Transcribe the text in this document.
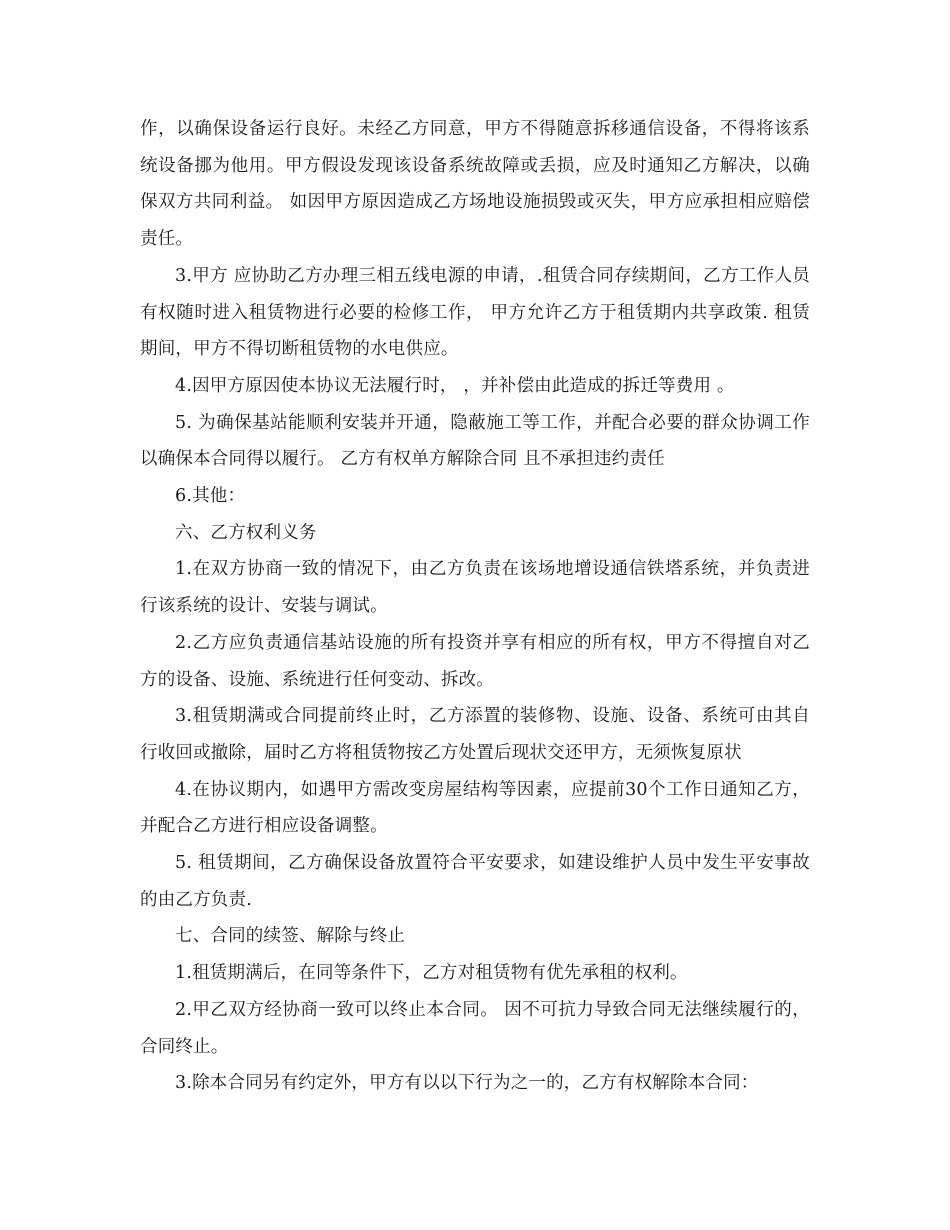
作，以确保设备运行良好。未经乙方同意，甲方不得随意拆移通信设备，不得将该系统设备挪为他用。甲方假设发现该设备系统故障或丢损，应及时通知乙方解决，以确保双方共同利益。 如因甲方原因造成乙方场地设施损毁或灭失，甲方应承担相应赔偿责任。

3.甲方 应协助乙方办理三相五线电源的申请，.租赁合同存续期间，乙方工作人员有权随时进入租赁物进行必要的检修工作， 甲方允许乙方于租赁期内共享政策. 租赁期间，甲方不得切断租赁物的水电供应。

4.因甲方原因使本协议无法履行时， ，并补偿由此造成的拆迁等费用 。

5. 为确保基站能顺利安装并开通，隐蔽施工等工作，并配合必要的群众协调工作以确保本合同得以履行。 乙方有权单方解除合同 且不承担违约责任

6.其他：

六、乙方权利义务

1.在双方协商一致的情况下，由乙方负责在该场地增设通信铁塔系统，并负责进行该系统的设计、安装与调试。

2.乙方应负责通信基站设施的所有投资并享有相应的所有权，甲方不得擅自对乙方的设备、设施、系统进行任何变动、拆改。

3.租赁期满或合同提前终止时，乙方添置的装修物、设施、设备、系统可由其自行收回或撤除，届时乙方将租赁物按乙方处置后现状交还甲方，无须恢复原状

4.在协议期内，如遇甲方需改变房屋结构等因素，应提前30个工作日通知乙方，并配合乙方进行相应设备调整。

5. 租赁期间，乙方确保设备放置符合平安要求，如建设维护人员中发生平安事故的由乙方负责.

七、合同的续签、解除与终止

1.租赁期满后，在同等条件下，乙方对租赁物有优先承租的权利。

2.甲乙双方经协商一致可以终止本合同。 因不可抗力导致合同无法继续履行的，合同终止。

3.除本合同另有约定外，甲方有以以下行为之一的，乙方有权解除本合同：
